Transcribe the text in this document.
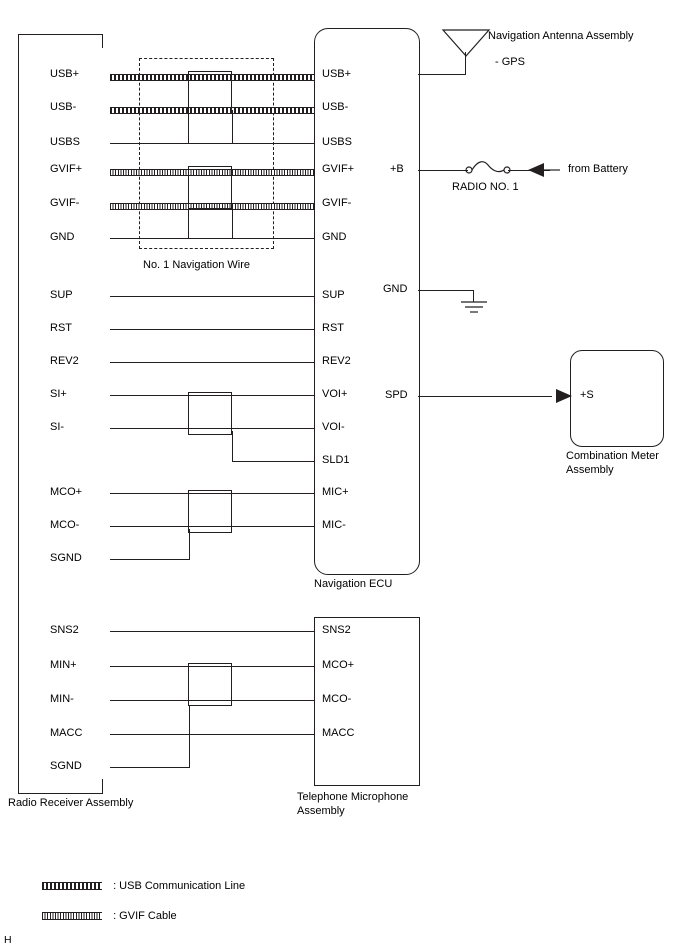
USB+
USB-
USBS
GVIF+
GVIF-
GND
SUP
RST
REV2
SI+
SI-
MCO+
MCO-
SGND
SNS2
MIN+
MIN-
MACC
SGND
USB+
USB-
USBS
GVIF+
GVIF-
GND
SUP
RST
REV2
VOI+
VOI-
SLD1
MIC+
MIC-
+B
GND
SPD
SNS2
MCO+
MCO-
MACC
+S
No. 1 Navigation Wire
Navigation ECU
Telephone Microphone
Assembly
Radio Receiver Assembly
Combination Meter
Assembly
Navigation Antenna Assembly
- GPS
RADIO NO. 1
from Battery
: USB Communication Line
: GVIF Cable
H
